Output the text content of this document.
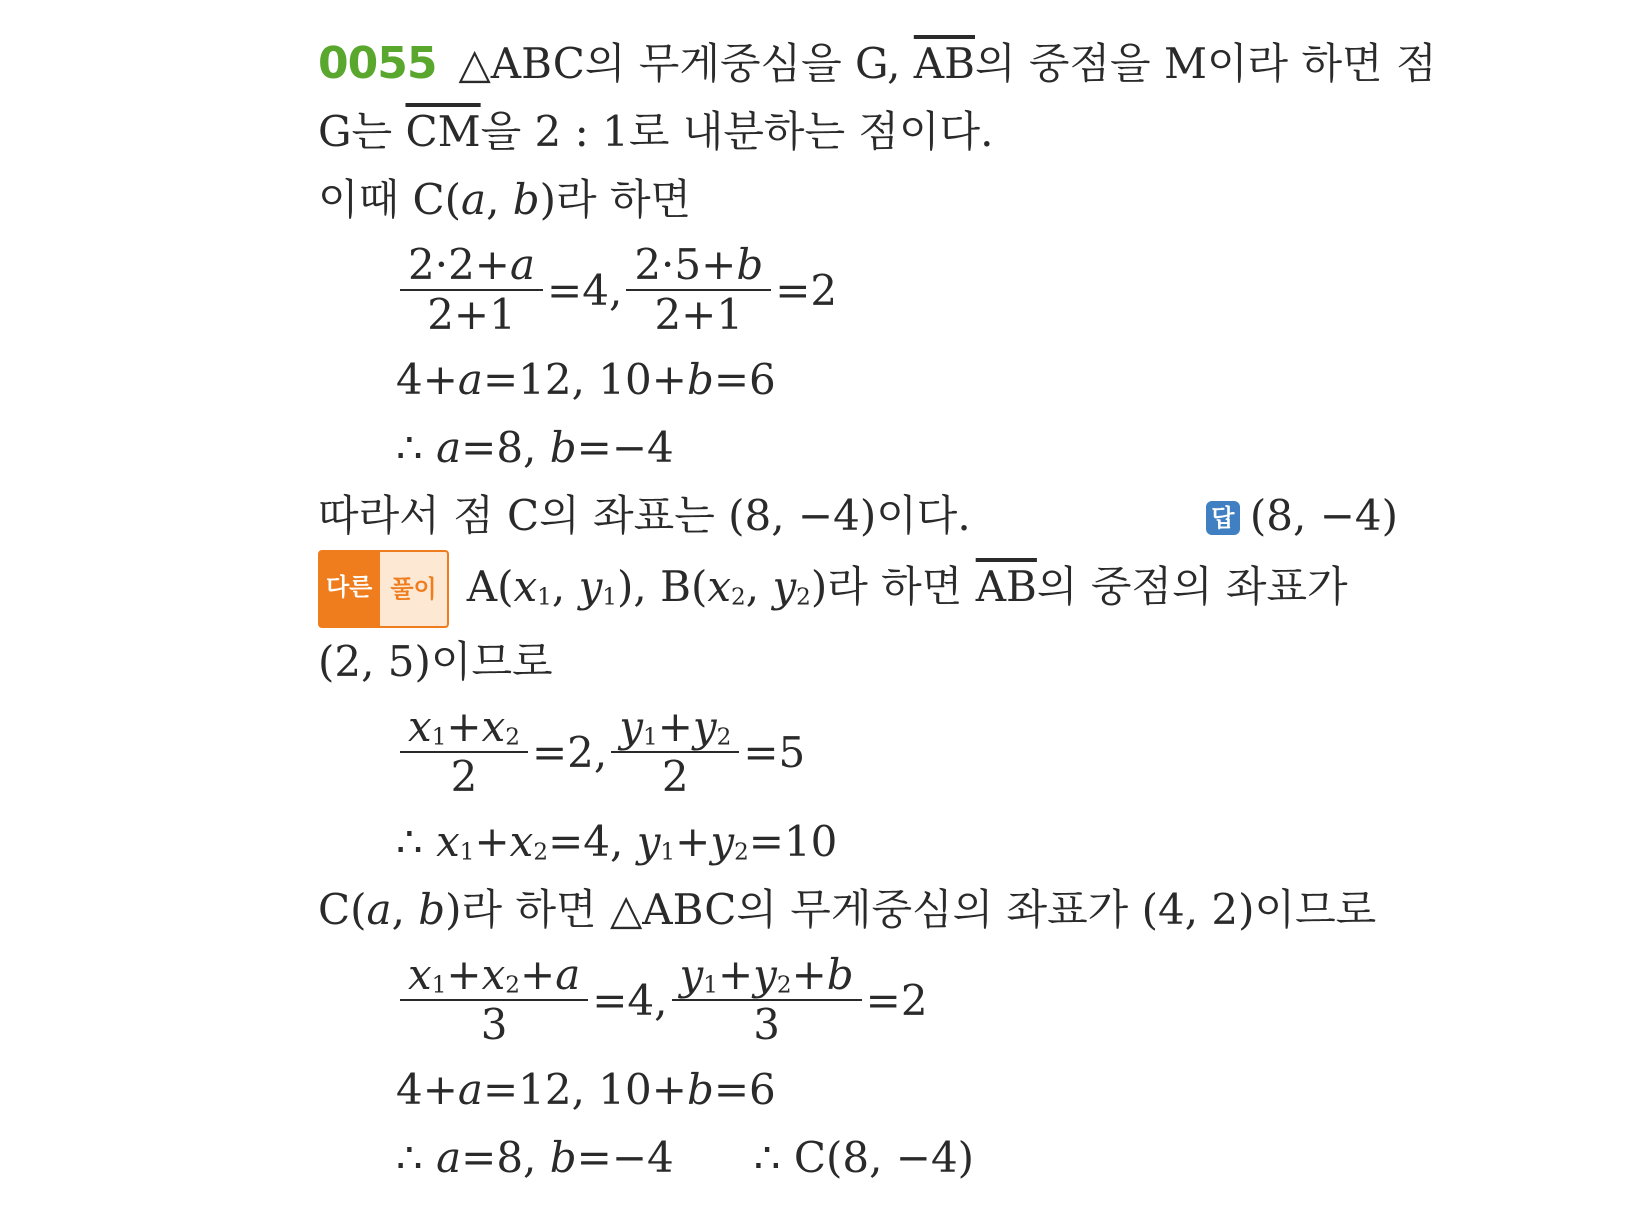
0055 △ABC의 무게중심을 G, $\overline{AB}$의 중점을 M이라 하면 점
G는 $\overline{CM}$을 2 : 1로 내분하는 점이다.
이때 C(a, b)라 하면
$\frac{2\cdot 2+a}{2+1} =4$, $\frac{2\cdot 5+b}{2+1} =2$
4+a=12, 10+b=6
∴ a=8, b=−4
따라서 점 C의 좌표는 (8, −4)이다.	답 (8, −4)
다른 풀이 $A(x_1$, $y_1$), $B(x_2$, $y_2$)라 하면 $\overline{AB}$의 중점의 좌표가
(2, 5)이므로
$\frac{x_1+x_2}{2} =2$, $\frac{y_1+y_2}{2} =5$
∴ $x_1+x_2=4$, $y_1+y_2=10$
C(a, b)라 하면 △ABC의 무게중심의 좌표가 (4, 2)이므로
$\frac{x_1+x_2+a}{3} =4$, $\frac{y_1+y_2+b}{3} =2$
4+a=12, 10+b=6
∴ a=8, b=−4 ∴ C(8, −4)
